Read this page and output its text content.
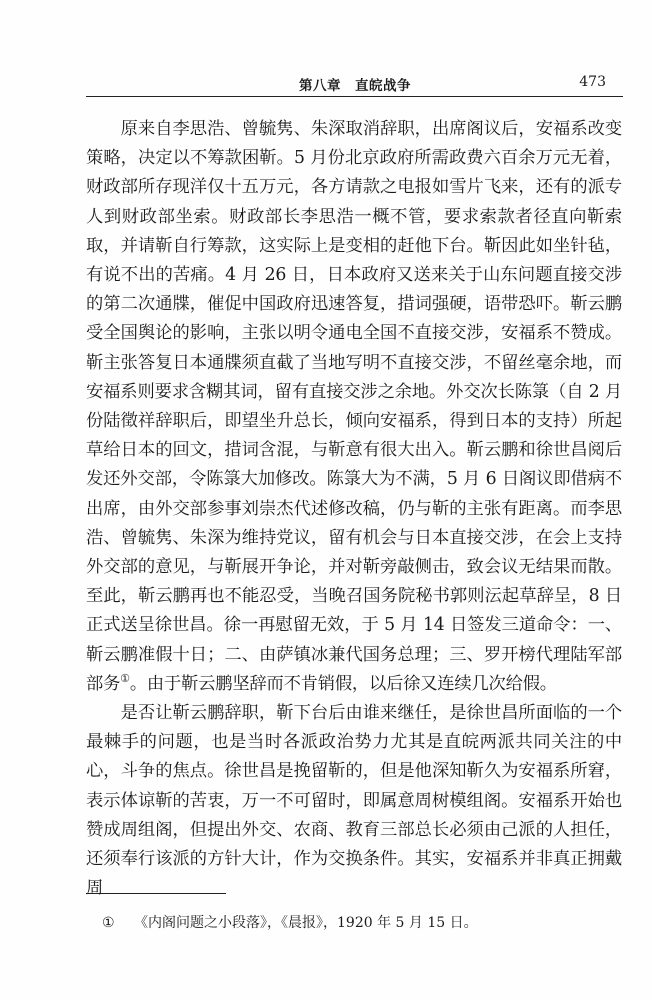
第八章　直皖战争	473

原来自李思浩、曾毓隽、朱深取消辞职，出席阁议后，安福系改变策略，决定以不筹款困靳。5 月份北京政府所需政费六百余万元无着，财政部所存现洋仅十五万元，各方请款之电报如雪片飞来，还有的派专人到财政部坐索。财政部长李思浩一概不管，要求索款者径直向靳索取，并请靳自行筹款，这实际上是变相的赶他下台。靳因此如坐针毡，有说不出的苦痛。4 月 26 日，日本政府又送来关于山东问题直接交涉的第二次通牒，催促中国政府迅速答复，措词强硬，语带恐吓。靳云鹏受全国舆论的影响，主张以明令通电全国不直接交涉，安福系不赞成。靳主张答复日本通牒须直截了当地写明不直接交涉，不留丝毫余地，而安福系则要求含糊其词，留有直接交涉之余地。外交次长陈箓（自 2 月份陆徵祥辞职后，即望坐升总长，倾向安福系，得到日本的支持）所起草给日本的回文，措词含混，与靳意有很大出入。靳云鹏和徐世昌阅后发还外交部，令陈箓大加修改。陈箓大为不满，5 月 6 日阁议即借病不出席，由外交部参事刘崇杰代述修改稿，仍与靳的主张有距离。而李思浩、曾毓隽、朱深为维持党议，留有机会与日本直接交涉，在会上支持外交部的意见，与靳展开争论，并对靳旁敲侧击，致会议无结果而散。至此，靳云鹏再也不能忍受，当晚召国务院秘书郭则沄起草辞呈，8 日正式送呈徐世昌。徐一再慰留无效，于 5 月 14 日签发三道命令：一、靳云鹏准假十日；二、由萨镇冰兼代国务总理；三、罗开榜代理陆军部部务①。由于靳云鹏坚辞而不肯销假，以后徐又连续几次给假。

是否让靳云鹏辞职，靳下台后由谁来继任，是徐世昌所面临的一个最棘手的问题，也是当时各派政治势力尤其是直皖两派共同关注的中心，斗争的焦点。徐世昌是挽留靳的，但是他深知靳久为安福系所窘，表示体谅靳的苦衷，万一不可留时，即属意周树模组阁。安福系开始也赞成周组阁，但提出外交、农商、教育三部总长必须由己派的人担任，还须奉行该派的方针大计，作为交换条件。其实，安福系并非真正拥戴周

① 《内阁问题之小段落》，《晨报》，1920 年 5 月 15 日。
